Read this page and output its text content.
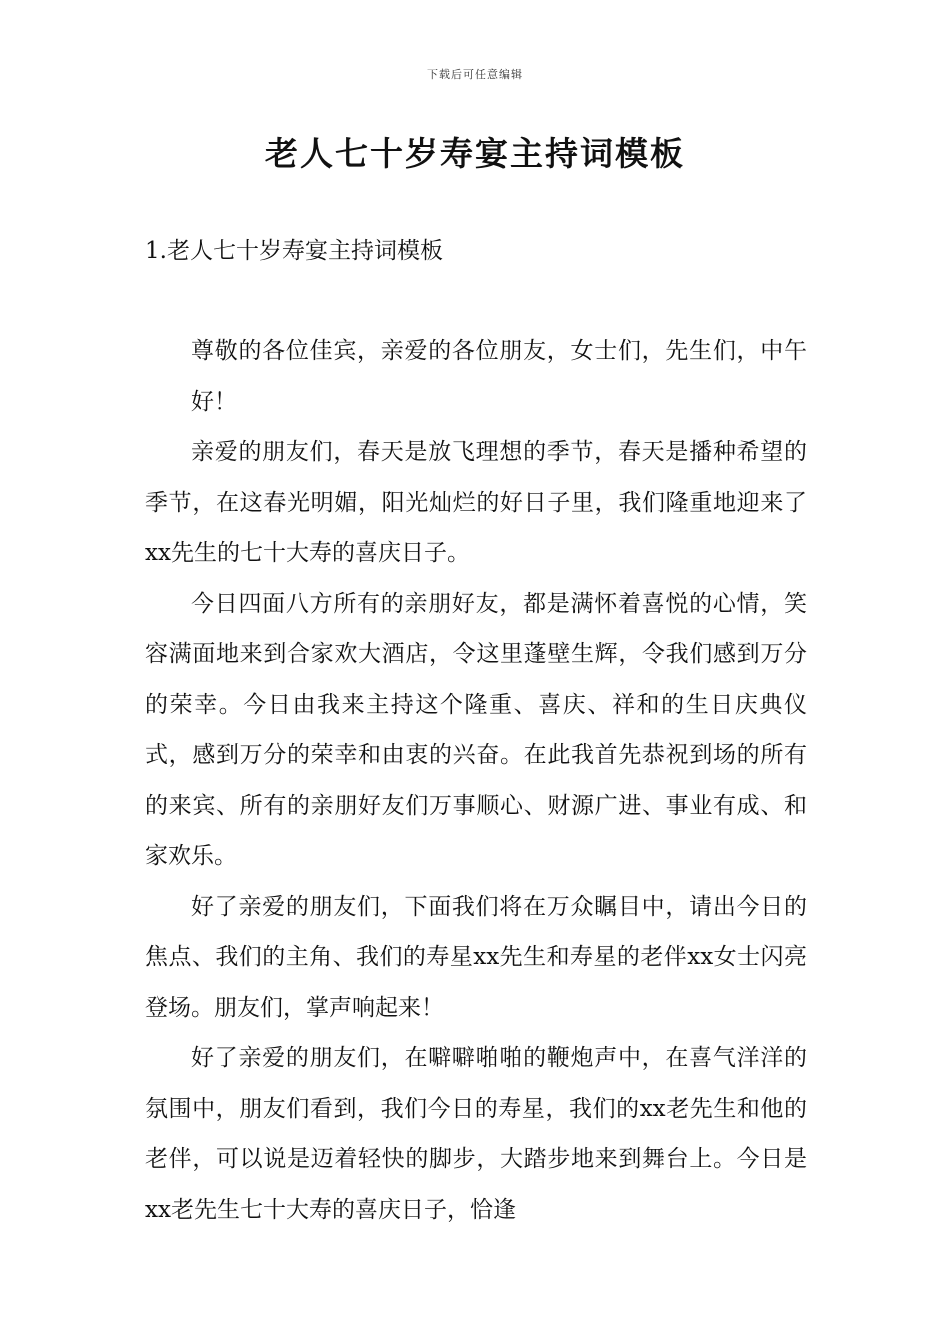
下载后可任意编辑
老人七十岁寿宴主持词模板
1.老人七十岁寿宴主持词模板

尊敬的各位佳宾，亲爱的各位朋友，女士们，先生们，中午好！

亲爱的朋友们，春天是放飞理想的季节，春天是播种希望的季节，在这春光明媚，阳光灿烂的好日子里，我们隆重地迎来了xx先生的七十大寿的喜庆日子。

今日四面八方所有的亲朋好友，都是满怀着喜悦的心情，笑容满面地来到合家欢大酒店，令这里蓬壁生辉，令我们感到万分的荣幸。今日由我来主持这个隆重、喜庆、祥和的生日庆典仪式，感到万分的荣幸和由衷的兴奋。在此我首先恭祝到场的所有的来宾、所有的亲朋好友们万事顺心、财源广进、事业有成、和家欢乐。

好了亲爱的朋友们，下面我们将在万众瞩目中，请出今日的焦点、我们的主角、我们的寿星xx先生和寿星的老伴xx女士闪亮登场。朋友们，掌声响起来！

好了亲爱的朋友们，在噼噼啪啪的鞭炮声中，在喜气洋洋的氛围中，朋友们看到，我们今日的寿星，我们的xx老先生和他的老伴，可以说是迈着轻快的脚步，大踏步地来到舞台上。今日是xx老先生七十大寿的喜庆日子，恰逢
